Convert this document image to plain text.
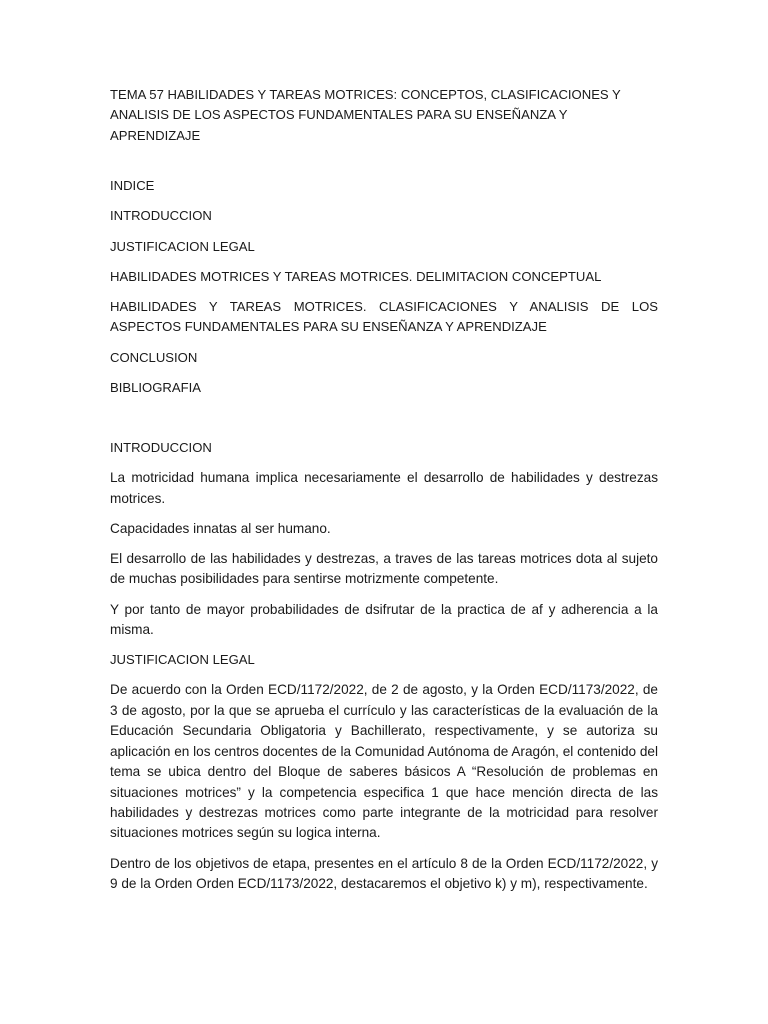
TEMA 57 HABILIDADES Y TAREAS MOTRICES: CONCEPTOS, CLASIFICACIONES Y ANALISIS DE LOS ASPECTOS FUNDAMENTALES PARA SU ENSEÑANZA Y APRENDIZAJE

INDICE

INTRODUCCION

JUSTIFICACION LEGAL

HABILIDADES MOTRICES Y TAREAS MOTRICES. DELIMITACION CONCEPTUAL

HABILIDADES Y TAREAS MOTRICES. CLASIFICACIONES Y ANALISIS DE LOS ASPECTOS FUNDAMENTALES PARA SU ENSEÑANZA Y APRENDIZAJE

CONCLUSION

BIBLIOGRAFIA

INTRODUCCION

La motricidad humana implica necesariamente el desarrollo de habilidades y destrezas motrices.

Capacidades innatas al ser humano.

El desarrollo de las habilidades y destrezas, a traves de las tareas motrices dota al sujeto de muchas posibilidades para sentirse motrizmente competente.

Y por tanto de mayor probabilidades de dsifrutar de la practica de af y adherencia a la misma.

JUSTIFICACION LEGAL

De acuerdo con la Orden ECD/1172/2022, de 2 de agosto, y la Orden ECD/1173/2022, de 3 de agosto, por la que se aprueba el currículo y las características de la evaluación de la Educación Secundaria Obligatoria y Bachillerato, respectivamente, y se autoriza su aplicación en los centros docentes de la Comunidad Autónoma de Aragón, el contenido del tema se ubica dentro del Bloque de saberes básicos A “Resolución de problemas en situaciones motrices” y la competencia especifica 1 que hace mención directa de las habilidades y destrezas motrices como parte integrante de la motricidad para resolver situaciones motrices según su logica interna.

Dentro de los objetivos de etapa, presentes en el artículo 8 de la Orden ECD/1172/2022, y 9 de la Orden Orden ECD/1173/2022, destacaremos el objetivo k) y m), respectivamente.
